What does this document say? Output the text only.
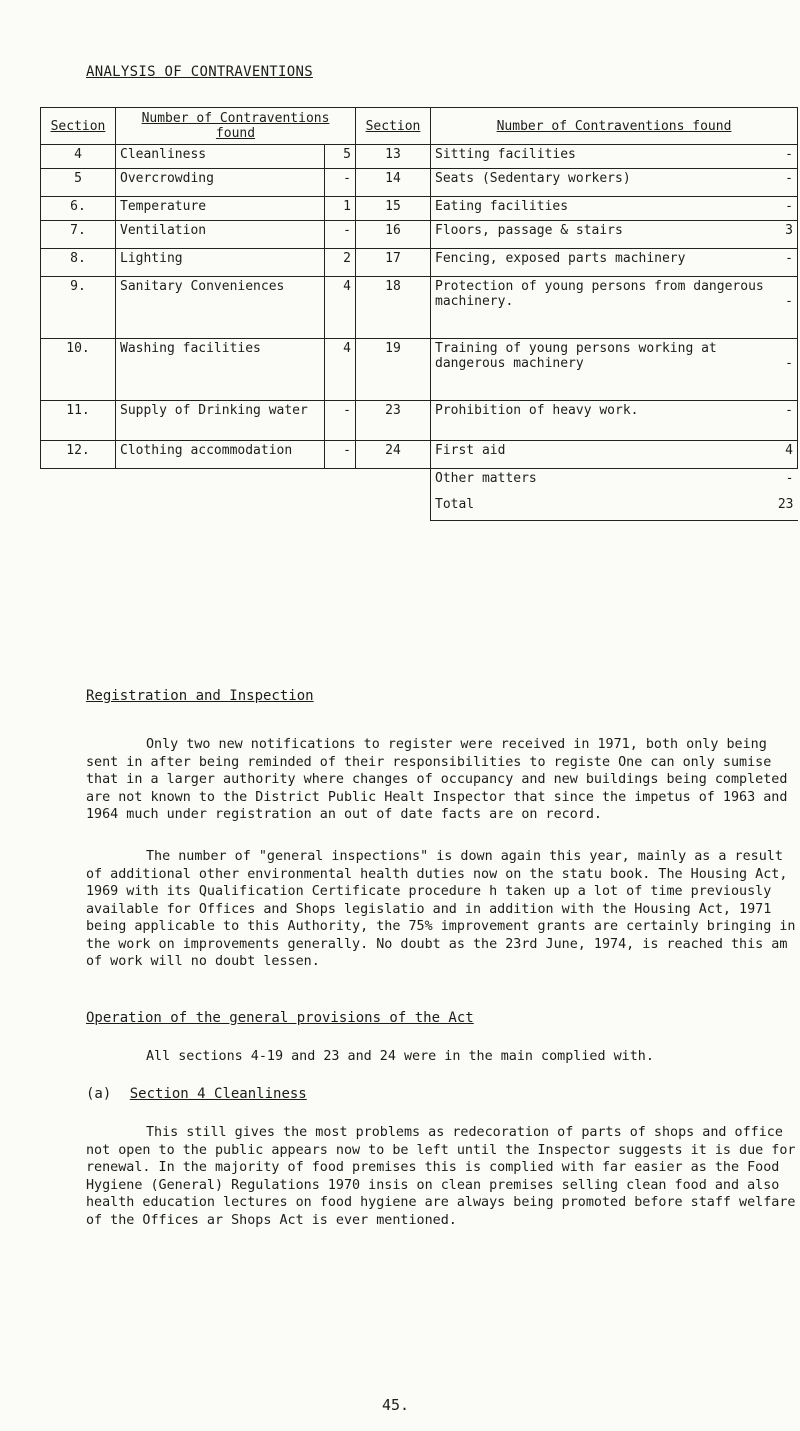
ANALYSIS OF CONTRAVENTIONS
Section	Number of Contraventions found		Section	Number of Contraventions found
4	Cleanliness	5	13	Sitting facilities -

5	Overcrowding	-	14	Seats (Sedentary workers) -

6.	Temperature	1	15	Eating facilities -

7.	Ventilation	-	16	Floors, passage & stairs 3

8.	Lighting	2	17	Fencing, exposed parts machinery -

9.	Sanitary Conveniences	4	18	Protection of young persons from dangerous machinery. -

10.	Washing facilities	4	19	Training of young persons working at dangerous machinery -

11.	Supply of Drinking water	-	23	Prohibition of heavy work. -

12.	Clothing accommodation	-	24	First aid 4

				Other matters -

				Total 23
Registration and Inspection

Only two new notifications to register were received in 1971, both only being sent in after being reminded of their responsibilities to registe One can only sumise that in a larger authority where changes of occupancy and new buildings being completed are not known to the District Public Healt Inspector that since the impetus of 1963 and 1964 much under registration an out of date facts are on record.

The number of "general inspections" is down again this year, mainly as a result of additional other environmental health duties now on the statu book. The Housing Act, 1969 with its Qualification Certificate procedure h taken up a lot of time previously available for Offices and Shops legislatio and in addition with the Housing Act, 1971 being applicable to this Authority, the 75% improvement grants are certainly bringing in the work on improvements generally. No doubt as the 23rd June, 1974, is reached this am of work will no doubt lessen.

Operation of the general provisions of the Act

All sections 4-19 and 23 and 24 were in the main complied with.

(a) Section 4 Cleanliness

This still gives the most problems as redecoration of parts of shops and office not open to the public appears now to be left until the Inspector suggests it is due for renewal. In the majority of food premises this is complied with far easier as the Food Hygiene (General) Regulations 1970 insis on clean premises selling clean food and also health education lectures on food hygiene are always being promoted before staff welfare of the Offices ar Shops Act is ever mentioned.

45.
